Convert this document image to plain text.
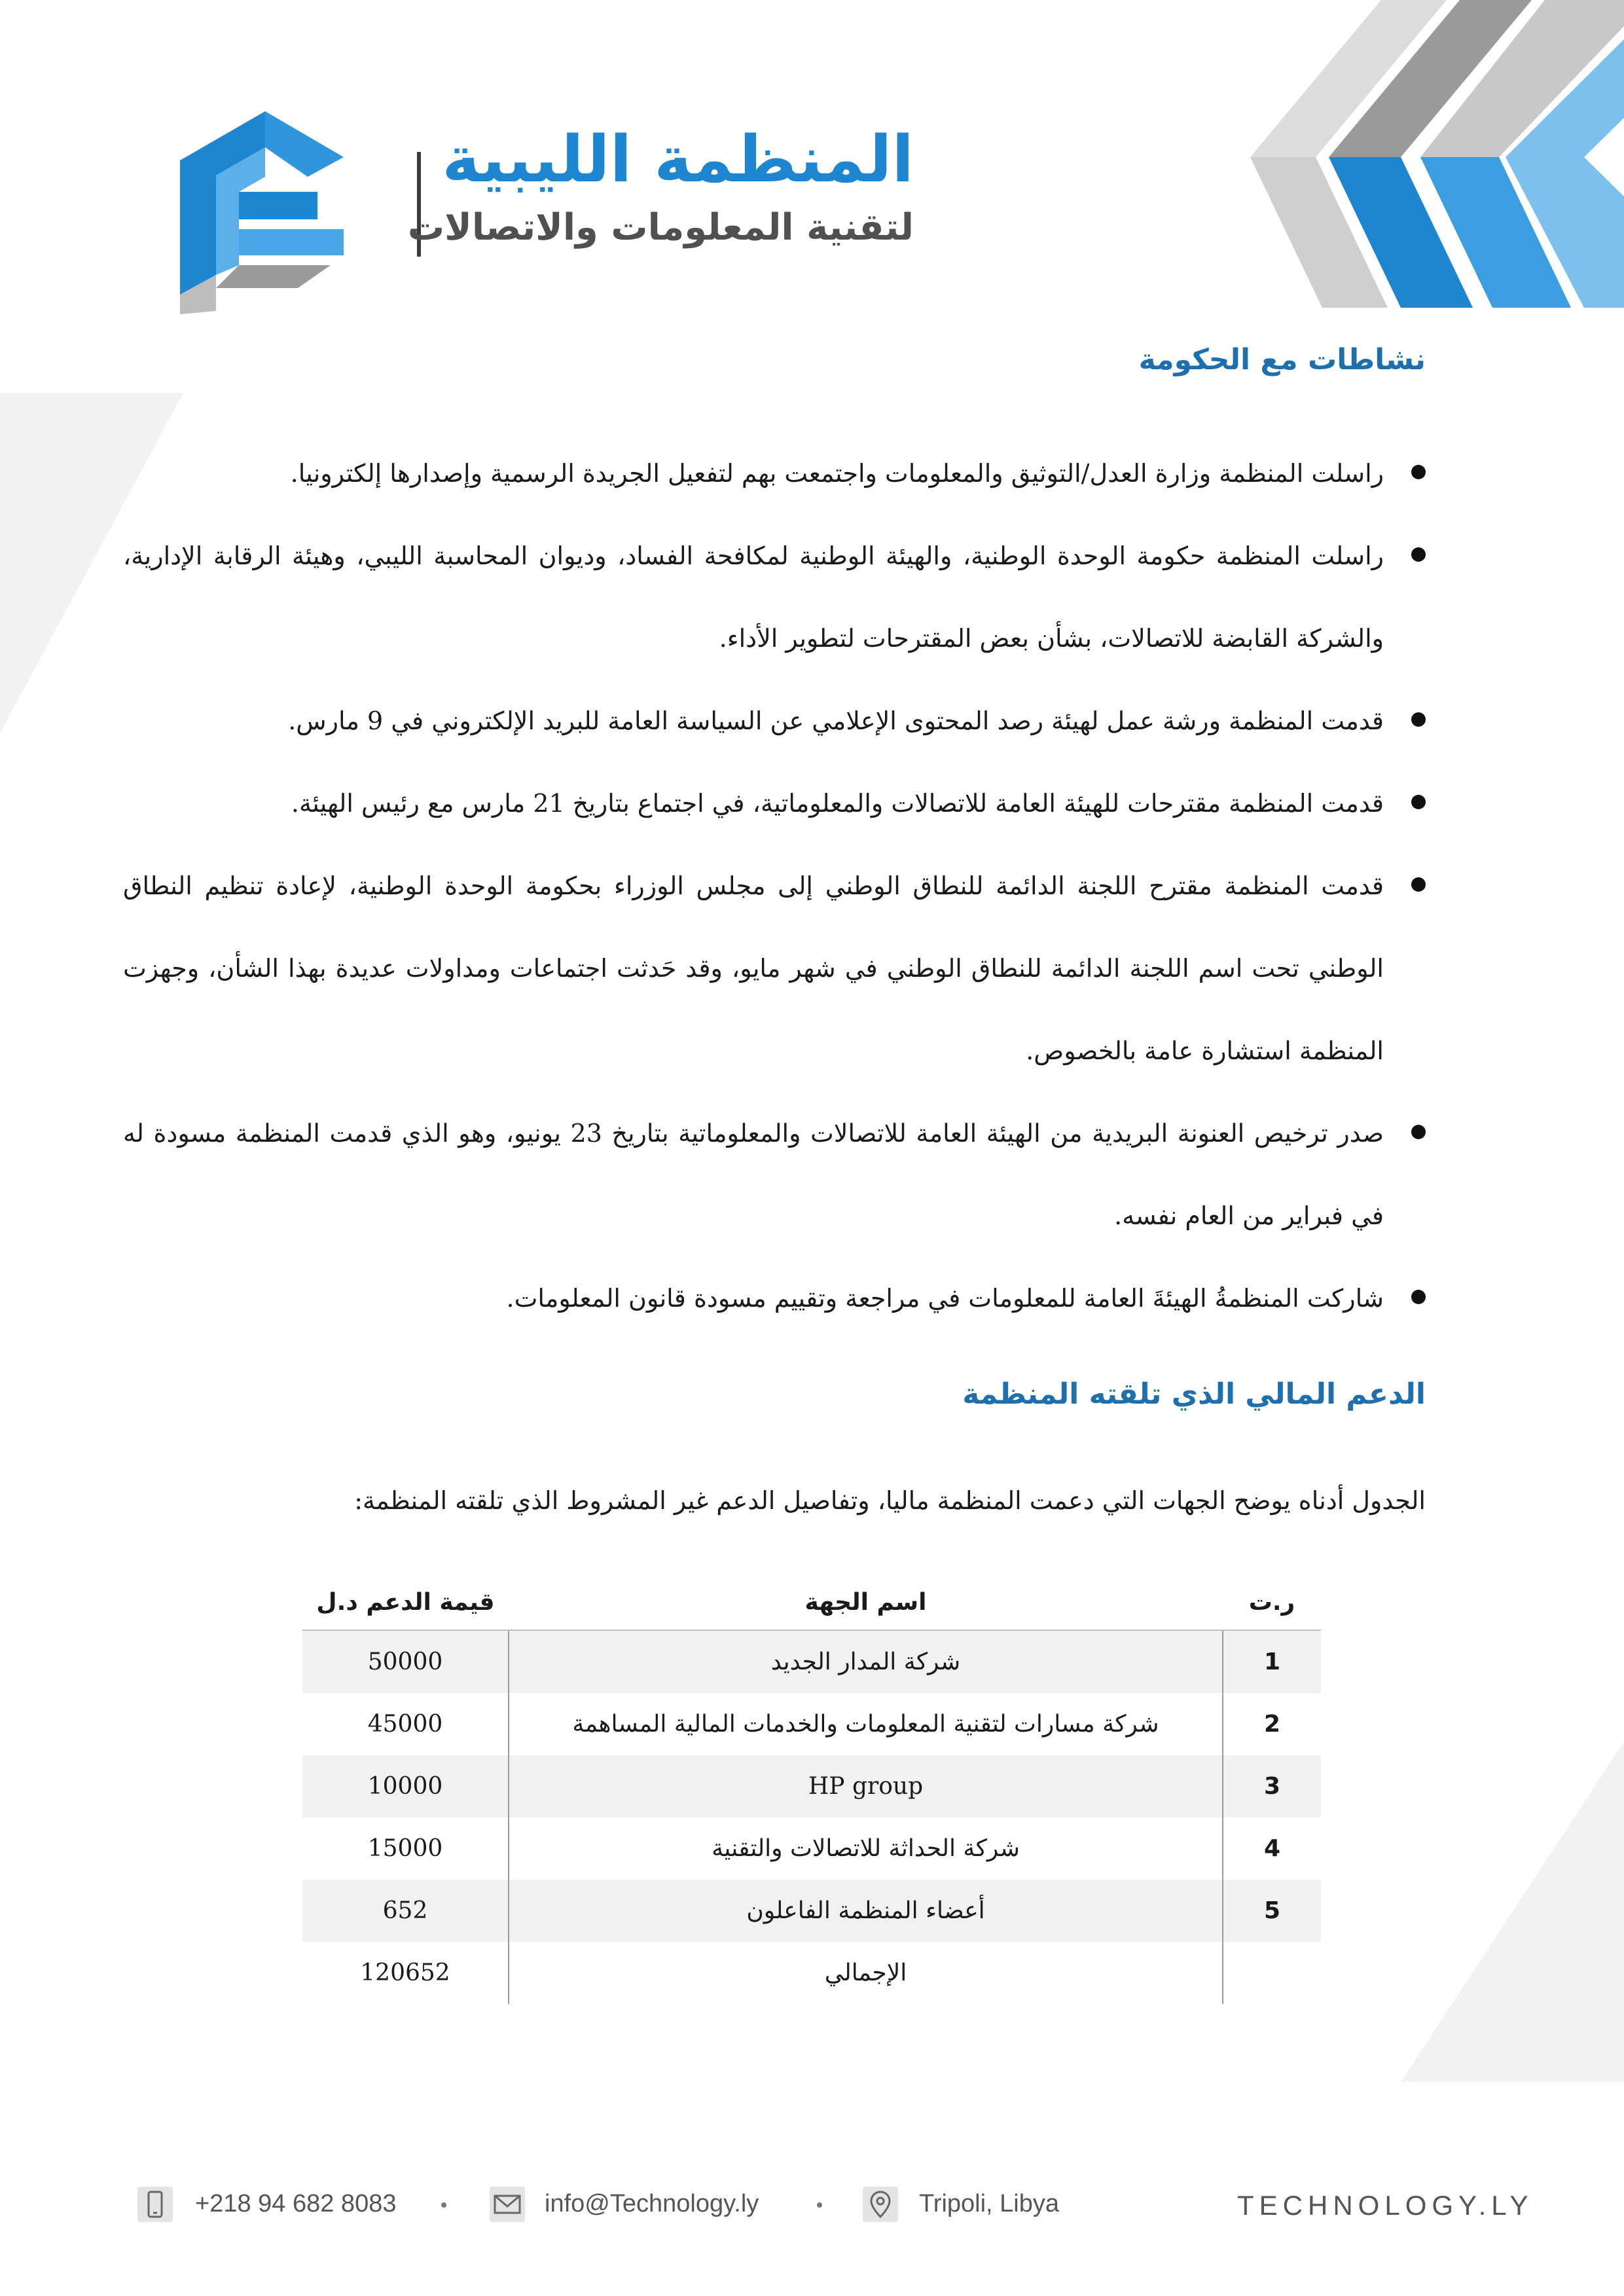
المنظمة الليبية
لتقنية المعلومات والاتصالات
نشاطات مع الحكومة
راسلت المنظمة وزارة العدل/التوثيق والمعلومات واجتمعت بهم لتفعيل الجريدة الرسمية وإصدارها إلكترونيا.
راسلت المنظمة حكومة الوحدة الوطنية، والهيئة الوطنية لمكافحة الفساد، وديوان المحاسبة الليبي، وهيئة الرقابة الإدارية، والشركة القابضة للاتصالات، بشأن بعض المقترحات لتطوير الأداء.
قدمت المنظمة ورشة عمل لهيئة رصد المحتوى الإعلامي عن السياسة العامة للبريد الإلكتروني في 9 مارس.
قدمت المنظمة مقترحات للهيئة العامة للاتصالات والمعلوماتية، في اجتماع بتاريخ 21 مارس مع رئيس الهيئة.
قدمت المنظمة مقترح اللجنة الدائمة للنطاق الوطني إلى مجلس الوزراء بحكومة الوحدة الوطنية، لإعادة تنظيم النطاق الوطني تحت اسم اللجنة الدائمة للنطاق الوطني في شهر مايو، وقد حَدثت اجتماعات ومداولات عديدة بهذا الشأن، وجهزت المنظمة استشارة عامة بالخصوص.
صدر ترخيص العنونة البريدية من الهيئة العامة للاتصالات والمعلوماتية بتاريخ 23 يونيو، وهو الذي قدمت المنظمة مسودة له في فبراير من العام نفسه.
شاركت المنظمةُ الهيئةَ العامة للمعلومات في مراجعة وتقييم مسودة قانون المعلومات.
الدعم المالي الذي تلقته المنظمة
الجدول أدناه يوضح الجهات التي دعمت المنظمة ماليا، وتفاصيل الدعم غير المشروط الذي تلقته المنظمة:
ر.ت	اسم الجهة	قيمة الدعم د.ل
1	شركة المدار الجديد	50000
2	شركة مسارات لتقنية المعلومات والخدمات المالية المساهمة	45000
3	HP group	10000
4	شركة الحداثة للاتصالات والتقنية	15000
5	أعضاء المنظمة الفاعلون	652
	الإجمالي	120652
+218 94 682 8083	info@Technology.ly	Tripoli, Libya	TECHNOLOGY.LY
